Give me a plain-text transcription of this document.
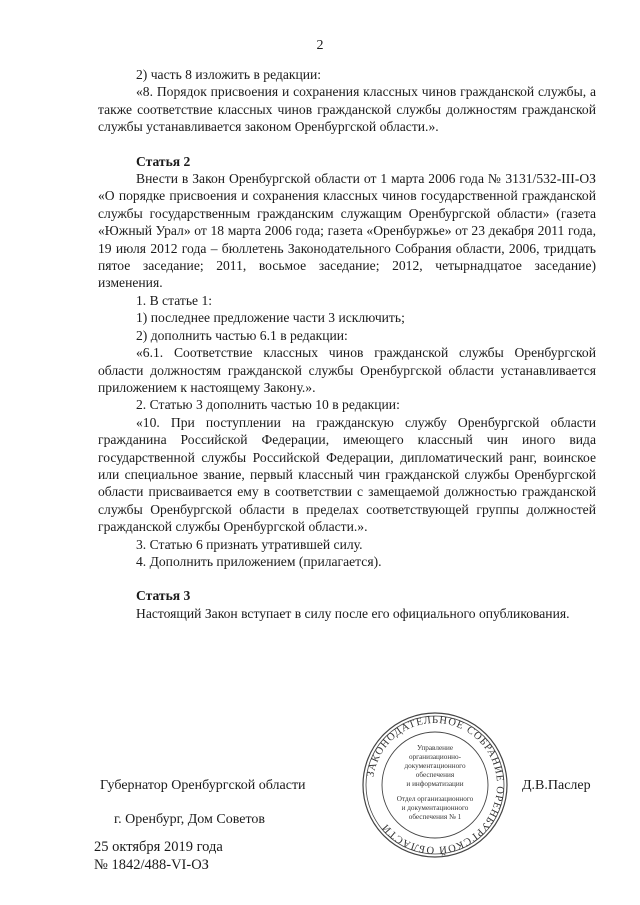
2

2) часть 8 изложить в редакции:

«8. Порядок присвоения и сохранения классных чинов гражданской службы, а также соответствие классных чинов гражданской службы должностям гражданской службы устанавливается законом Оренбургской области.».

Статья 2

Внести в Закон Оренбургской области от 1 марта 2006 года № 3131/532-III-ОЗ «О порядке присвоения и сохранения классных чинов государственной гражданской службы государственным гражданским служащим Оренбургской области» (газета «Южный Урал» от 18 марта 2006 года; газета «Оренбуржье» от 23 декабря 2011 года, 19 июля 2012 года – бюллетень Законодательного Собрания области, 2006, тридцать пятое заседание; 2011, восьмое заседание; 2012, четырнадцатое заседание) изменения.

1. В статье 1:

1) последнее предложение части 3 исключить;

2) дополнить частью 6.1 в редакции:

«6.1. Соответствие классных чинов гражданской службы Оренбургской области должностям гражданской службы Оренбургской области устанавливается приложением к настоящему Закону.».

2. Статью 3 дополнить частью 10 в редакции:

«10. При поступлении на гражданскую службу Оренбургской области гражданина Российской Федерации, имеющего классный чин иного вида государственной службы Российской Федерации, дипломатический ранг, воинское или специальное звание, первый классный чин гражданской службы Оренбургской области присваивается ему в соответствии с замещаемой должностью гражданской службы Оренбургской области в пределах соответствующей группы должностей гражданской службы Оренбургской области.».

3. Статью 6 признать утратившей силу.

4. Дополнить приложением (прилагается).

Статья 3

Настоящий Закон вступает в силу после его официального опубликования.

ЗАКОНОДАТЕЛЬНОЕ СОБРАНИЕ ОРЕНБУРГСКОЙ ОБЛАСТИ
Управление
организационно-
документационного
обеспечения
и информатизации
Отдел организационного
и документационного
обеспечения № 1
Губернатор Оренбургской области	Д.В.Паслер
г. Оренбург, Дом Советов
25 октября 2019 года
№ 1842/488-VI-ОЗ
